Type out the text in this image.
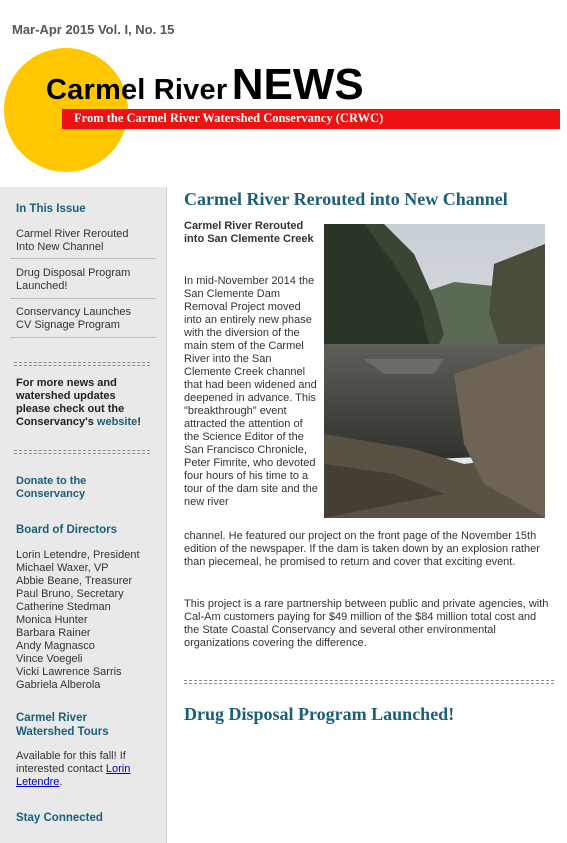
Mar-Apr 2015 Vol. I, No. 15
Carmel River NEWS
From the Carmel River Watershed Conservancy (CRWC)
In This Issue
Carmel River Rerouted Into New Channel
Drug Disposal Program Launched!
Conservancy Launches CV Signage Program
For more news and watershed updates please check out the Conservancy's website!
Donate to the Conservancy
Board of Directors
Lorin Letendre, President
Michael Waxer, VP
Abbie Beane, Treasurer
Paul Bruno, Secretary
Catherine Stedman
Monica Hunter
Barbara Rainer
Andy Magnasco
Vince Voegeli
Vicki Lawrence Sarris
Gabriela Alberola
Carmel River Watershed Tours
Available for this fall! If interested contact Lorin Letendre.
Stay Connected
Carmel River Rerouted into New Channel
Carmel River Rerouted into San Clemente Creek
In mid-November 2014 the San Clemente Dam Removal Project moved into an entirely new phase with the diversion of the main stem of the Carmel River into the San Clemente Creek channel that had been widened and deepened in advance. This "breakthrough" event attracted the attention of the Science Editor of the San Francisco Chronicle, Peter Fimrite, who devoted four hours of his time to a tour of the dam site and the new river
channel. He featured our project on the front page of the November 15th edition of the newspaper. If the dam is taken down by an explosion rather than piecemeal, he promised to return and cover that exciting event.
This project is a rare partnership between public and private agencies, with Cal-Am customers paying for $49 million of the $84 million total cost and the State Coastal Conservancy and several other environmental organizations covering the difference.
Drug Disposal Program Launched!
